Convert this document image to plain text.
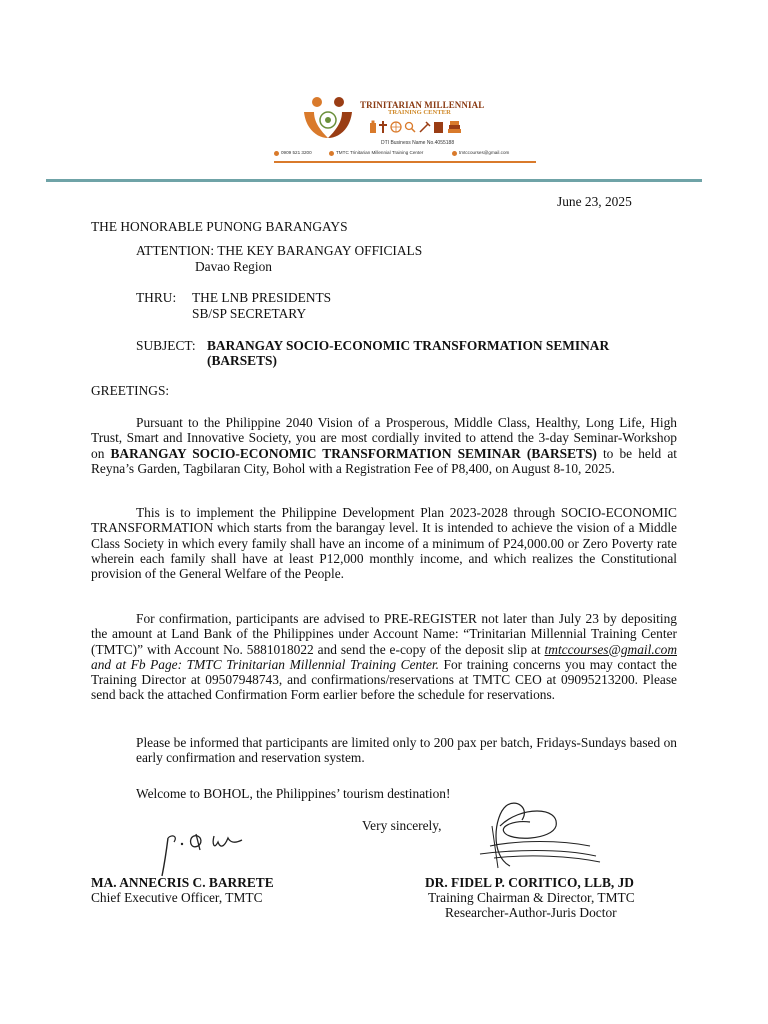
TRINITARIAN MILLENNIAL
TRAINING CENTER
DTI Business Name No.4055188
0909 521 3200	TMTC Trinitarian Millennial Training Center	tmtccourses@gmail.com
June 23, 2025
THE HONORABLE PUNONG BARANGAYS
ATTENTION: THE KEY BARANGAY OFFICIALS
Davao Region
THRU: THE LNB PRESIDENTS
SB/SP SECRETARY
SUBJECT: BARANGAY SOCIO-ECONOMIC TRANSFORMATION SEMINAR
(BARSETS)
GREETINGS:
Pursuant to the Philippine 2040 Vision of a Prosperous, Middle Class, Healthy, Long Life, High Trust, Smart and Innovative Society, you are most cordially invited to attend the 3-day Seminar-Workshop on BARANGAY SOCIO-ECONOMIC TRANSFORMATION SEMINAR (BARSETS) to be held at Reyna’s Garden, Tagbilaran City, Bohol with a Registration Fee of P8,400, on August 8-10, 2025.
This is to implement the Philippine Development Plan 2023-2028 through SOCIO-ECONOMIC TRANSFORMATION which starts from the barangay level. It is intended to achieve the vision of a Middle Class Society in which every family shall have an income of a minimum of P24,000.00 or Zero Poverty rate wherein each family shall have at least P12,000 monthly income, and which realizes the Constitutional provision of the General Welfare of the People.
For confirmation, participants are advised to PRE-REGISTER not later than July 23 by depositing the amount at Land Bank of the Philippines under Account Name: “Trinitarian Millennial Training Center (TMTC)” with Account No. 5881018022 and send the e-copy of the deposit slip at tmtccourses@gmail.com and at Fb Page: TMTC Trinitarian Millennial Training Center. For training concerns you may contact the Training Director at 09507948743, and confirmations/reservations at TMTC CEO at 09095213200. Please send back the attached Confirmation Form earlier before the schedule for reservations.
Please be informed that participants are limited only to 200 pax per batch, Fridays-Sundays based on early confirmation and reservation system.
Welcome to BOHOL, the Philippines’ tourism destination!
Very sincerely,
MA. ANNECRIS C. BARRETE
Chief Executive Officer, TMTC
DR. FIDEL P. CORITICO, LLB, JD
Training Chairman & Director, TMTC
Researcher-Author-Juris Doctor
